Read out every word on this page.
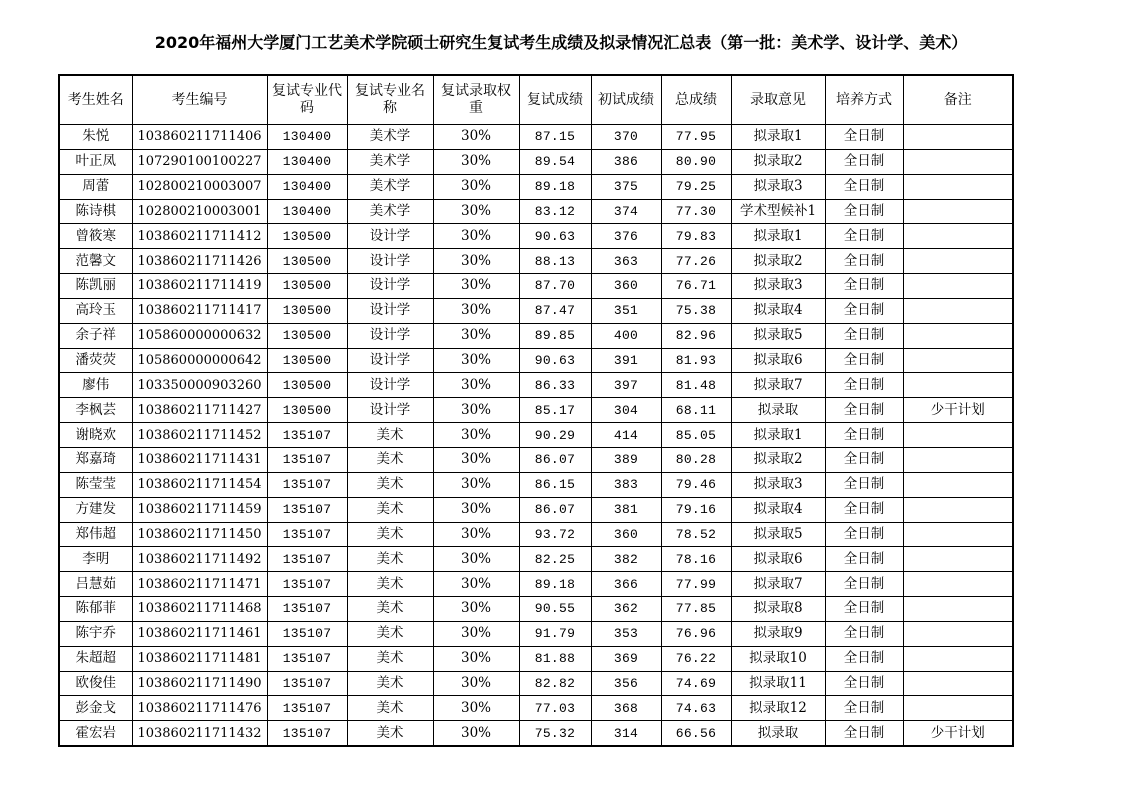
2020年福州大学厦门工艺美术学院硕士研究生复试考生成绩及拟录情况汇总表（第一批：美术学、设计学、美术）
考生姓名	考生编号	复试专业代码	复试专业名称	复试录取权重	复试成绩	初试成绩	总成绩	录取意见	培养方式	备注
朱悦	103860211711406	130400	美术学	30%	87.15	370	77.95	拟录取1	全日制	
叶正凤	107290100100227	130400	美术学	30%	89.54	386	80.90	拟录取2	全日制	
周蕾	102800210003007	130400	美术学	30%	89.18	375	79.25	拟录取3	全日制	
陈诗棋	102800210003001	130400	美术学	30%	83.12	374	77.30	学术型候补1	全日制	
曾筱寒	103860211711412	130500	设计学	30%	90.63	376	79.83	拟录取1	全日制	
范馨文	103860211711426	130500	设计学	30%	88.13	363	77.26	拟录取2	全日制	
陈凯丽	103860211711419	130500	设计学	30%	87.70	360	76.71	拟录取3	全日制	
高玲玉	103860211711417	130500	设计学	30%	87.47	351	75.38	拟录取4	全日制	
余子祥	105860000000632	130500	设计学	30%	89.85	400	82.96	拟录取5	全日制	
潘荧荧	105860000000642	130500	设计学	30%	90.63	391	81.93	拟录取6	全日制	
廖伟	103350000903260	130500	设计学	30%	86.33	397	81.48	拟录取7	全日制	
李枫芸	103860211711427	130500	设计学	30%	85.17	304	68.11	拟录取	全日制	少干计划
谢晓欢	103860211711452	135107	美术	30%	90.29	414	85.05	拟录取1	全日制	
郑嘉琦	103860211711431	135107	美术	30%	86.07	389	80.28	拟录取2	全日制	
陈莹莹	103860211711454	135107	美术	30%	86.15	383	79.46	拟录取3	全日制	
方建发	103860211711459	135107	美术	30%	86.07	381	79.16	拟录取4	全日制	
郑伟超	103860211711450	135107	美术	30%	93.72	360	78.52	拟录取5	全日制	
李明	103860211711492	135107	美术	30%	82.25	382	78.16	拟录取6	全日制	
吕慧茹	103860211711471	135107	美术	30%	89.18	366	77.99	拟录取7	全日制	
陈郁菲	103860211711468	135107	美术	30%	90.55	362	77.85	拟录取8	全日制	
陈宇乔	103860211711461	135107	美术	30%	91.79	353	76.96	拟录取9	全日制	
朱超超	103860211711481	135107	美术	30%	81.88	369	76.22	拟录取10	全日制	
欧俊佳	103860211711490	135107	美术	30%	82.82	356	74.69	拟录取11	全日制	
彭金戈	103860211711476	135107	美术	30%	77.03	368	74.63	拟录取12	全日制	
霍宏岩	103860211711432	135107	美术	30%	75.32	314	66.56	拟录取	全日制	少干计划
